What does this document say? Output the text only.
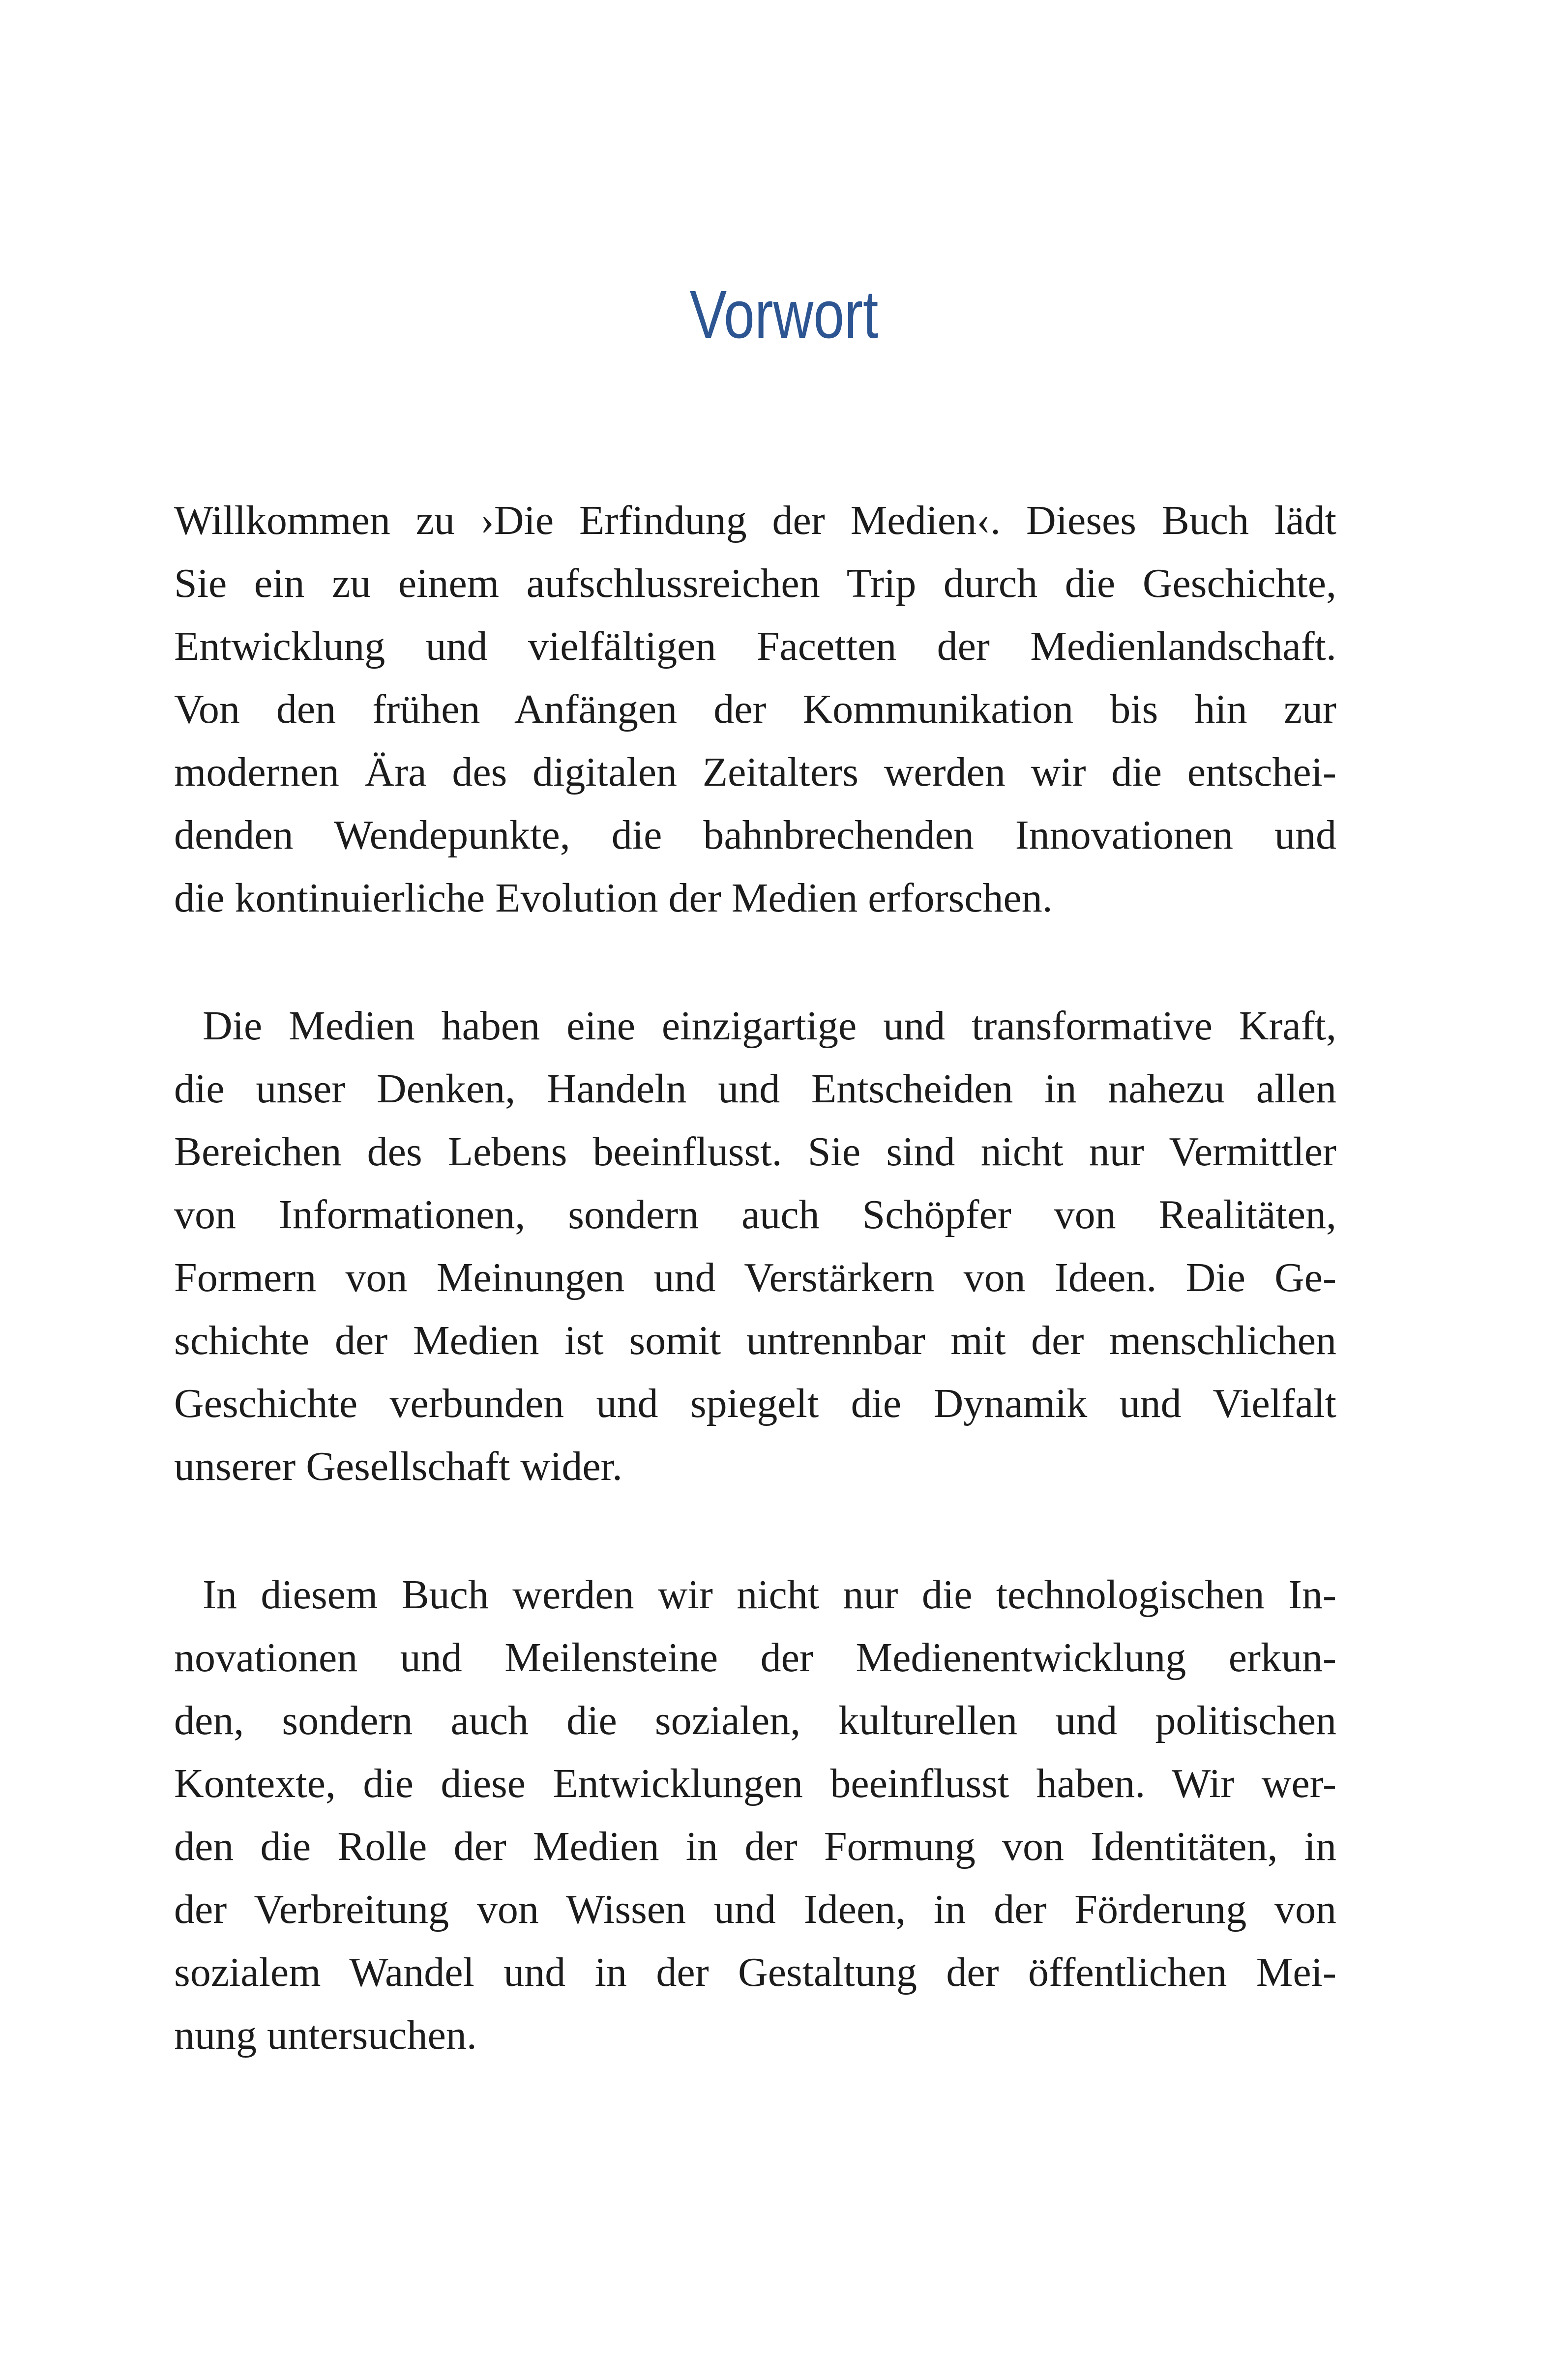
Vorwort
Willkommen zu ›Die Erfindung der Medien‹. Dieses Buch lädt
Sie ein zu einem aufschlussreichen Trip durch die Geschichte,
Entwicklung und vielfältigen Facetten der Medienlandschaft.
Von den frühen Anfängen der Kommunikation bis hin zur
modernen Ära des digitalen Zeitalters werden wir die entschei-
denden Wendepunkte, die bahnbrechenden Innovationen und
die kontinuierliche Evolution der Medien erforschen.
Die Medien haben eine einzigartige und transformative Kraft,
die unser Denken, Handeln und Entscheiden in nahezu allen
Bereichen des Lebens beeinflusst. Sie sind nicht nur Vermittler
von Informationen, sondern auch Schöpfer von Realitäten,
Formern von Meinungen und Verstärkern von Ideen. Die Ge-
schichte der Medien ist somit untrennbar mit der menschlichen
Geschichte verbunden und spiegelt die Dynamik und Vielfalt
unserer Gesellschaft wider.
In diesem Buch werden wir nicht nur die technologischen In-
novationen und Meilensteine der Medienentwicklung erkun-
den, sondern auch die sozialen, kulturellen und politischen
Kontexte, die diese Entwicklungen beeinflusst haben. Wir wer-
den die Rolle der Medien in der Formung von Identitäten, in
der Verbreitung von Wissen und Ideen, in der Förderung von
sozialem Wandel und in der Gestaltung der öffentlichen Mei-
nung untersuchen.
